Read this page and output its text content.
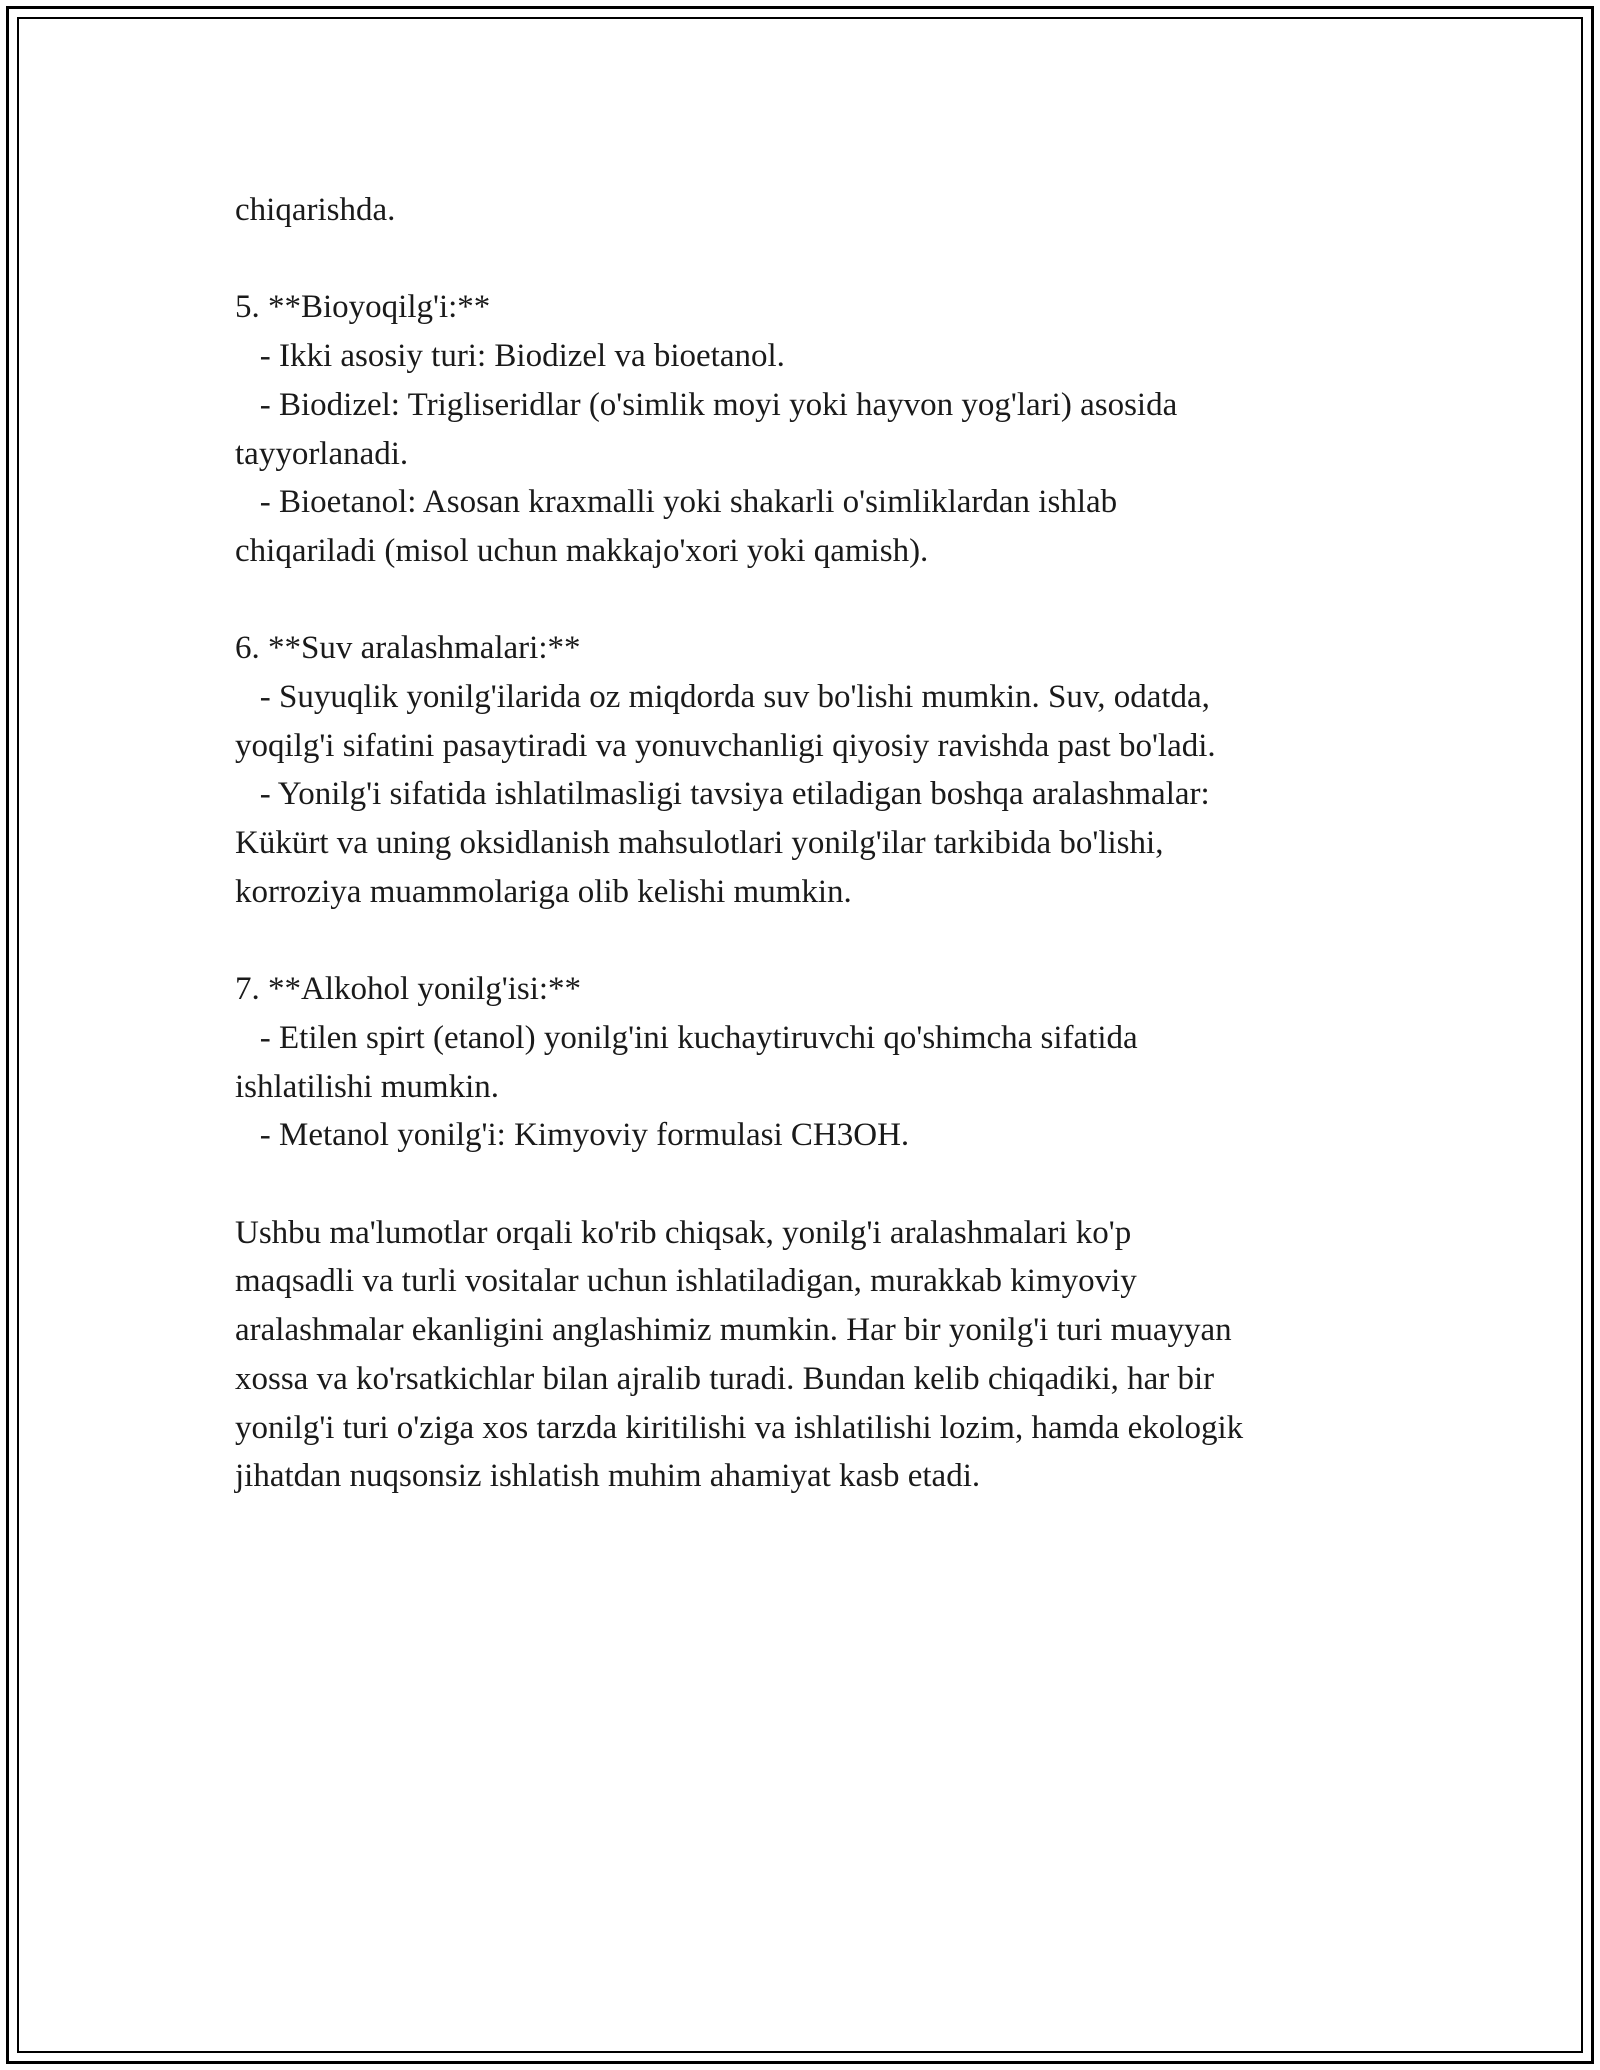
chiqarishda.
5. **Bioyoqilg'i:**
- Ikki asosiy turi: Biodizel va bioetanol.
- Biodizel: Trigliseridlar (o'simlik moyi yoki hayvon yog'lari) asosida
tayyorlanadi.
- Bioetanol: Asosan kraxmalli yoki shakarli o'simliklardan ishlab
chiqariladi (misol uchun makkajo'xori yoki qamish).
6. **Suv aralashmalari:**
- Suyuqlik yonilg'ilarida oz miqdorda suv bo'lishi mumkin. Suv, odatda,
yoqilg'i sifatini pasaytiradi va yonuvchanligi qiyosiy ravishda past bo'ladi.
- Yonilg'i sifatida ishlatilmasligi tavsiya etiladigan boshqa aralashmalar:
Kükürt va uning oksidlanish mahsulotlari yonilg'ilar tarkibida bo'lishi,
korroziya muammolariga olib kelishi mumkin.
7. **Alkohol yonilg'isi:**
- Etilen spirt (etanol) yonilg'ini kuchaytiruvchi qo'shimcha sifatida
ishlatilishi mumkin.
- Metanol yonilg'i: Kimyoviy formulasi CH3OH.
Ushbu ma'lumotlar orqali ko'rib chiqsak, yonilg'i aralashmalari ko'p
maqsadli va turli vositalar uchun ishlatiladigan, murakkab kimyoviy
aralashmalar ekanligini anglashimiz mumkin. Har bir yonilg'i turi muayyan
xossa va ko'rsatkichlar bilan ajralib turadi. Bundan kelib chiqadiki, har bir
yonilg'i turi o'ziga xos tarzda kiritilishi va ishlatilishi lozim, hamda ekologik
jihatdan nuqsonsiz ishlatish muhim ahamiyat kasb etadi.
